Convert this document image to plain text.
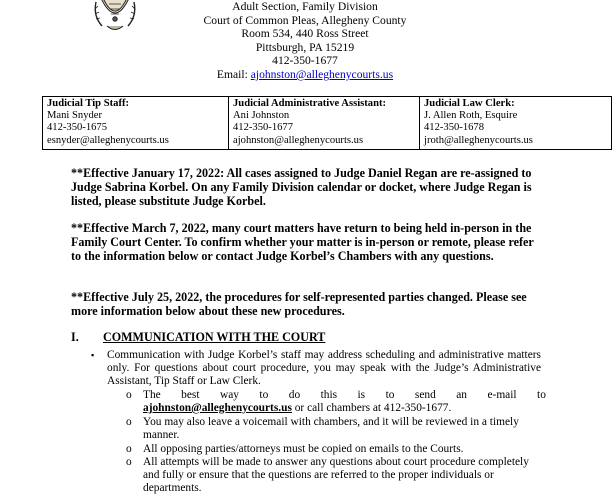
Adult Section, Family Division
Court of Common Pleas, Allegheny County
Room 534, 440 Ross Street
Pittsburgh, PA 15219
412-350-1677
Email: ajohnston@alleghenycourts.us
Judicial Tip Staff:
Mani Snyder
412-350-1675
esnyder@alleghenycourts.us

Judicial Administrative Assistant:
Ani Johnston
412-350-1677
ajohnston@alleghenycourts.us

Judicial Law Clerk:
J. Allen Roth, Esquire
412-350-1678
jroth@alleghenycourts.us
**Effective January 17, 2022: All cases assigned to Judge Daniel Regan are re-assigned to Judge Sabrina Korbel. On any Family Division calendar or docket, where Judge Regan is listed, please substitute Judge Korbel.
**Effective March 7, 2022, many court matters have return to being held in-person in the Family Court Center. To confirm whether your matter is in-person or remote, please refer to the information below or contact Judge Korbel’s Chambers with any questions.
**Effective July 25, 2022, the procedures for self-represented parties changed. Please see more information below about these new procedures.
I. COMMUNICATION WITH THE COURT
▪ Communication with Judge Korbel’s staff may address scheduling and administrative matters only. For questions about court procedure, you may speak with the Judge’s Administrative Assistant, Tip Staff or Law Clerk.
o The best way to do this is to send an e-mail to
ajohnston@alleghenycourts.us or call chambers at 412-350-1677.
o You may also leave a voicemail with chambers, and it will be reviewed in a timely manner.
o All opposing parties/attorneys must be copied on emails to the Courts.
o All attempts will be made to answer any questions about court procedure completely and fully or ensure that the questions are referred to the proper individuals or departments.
